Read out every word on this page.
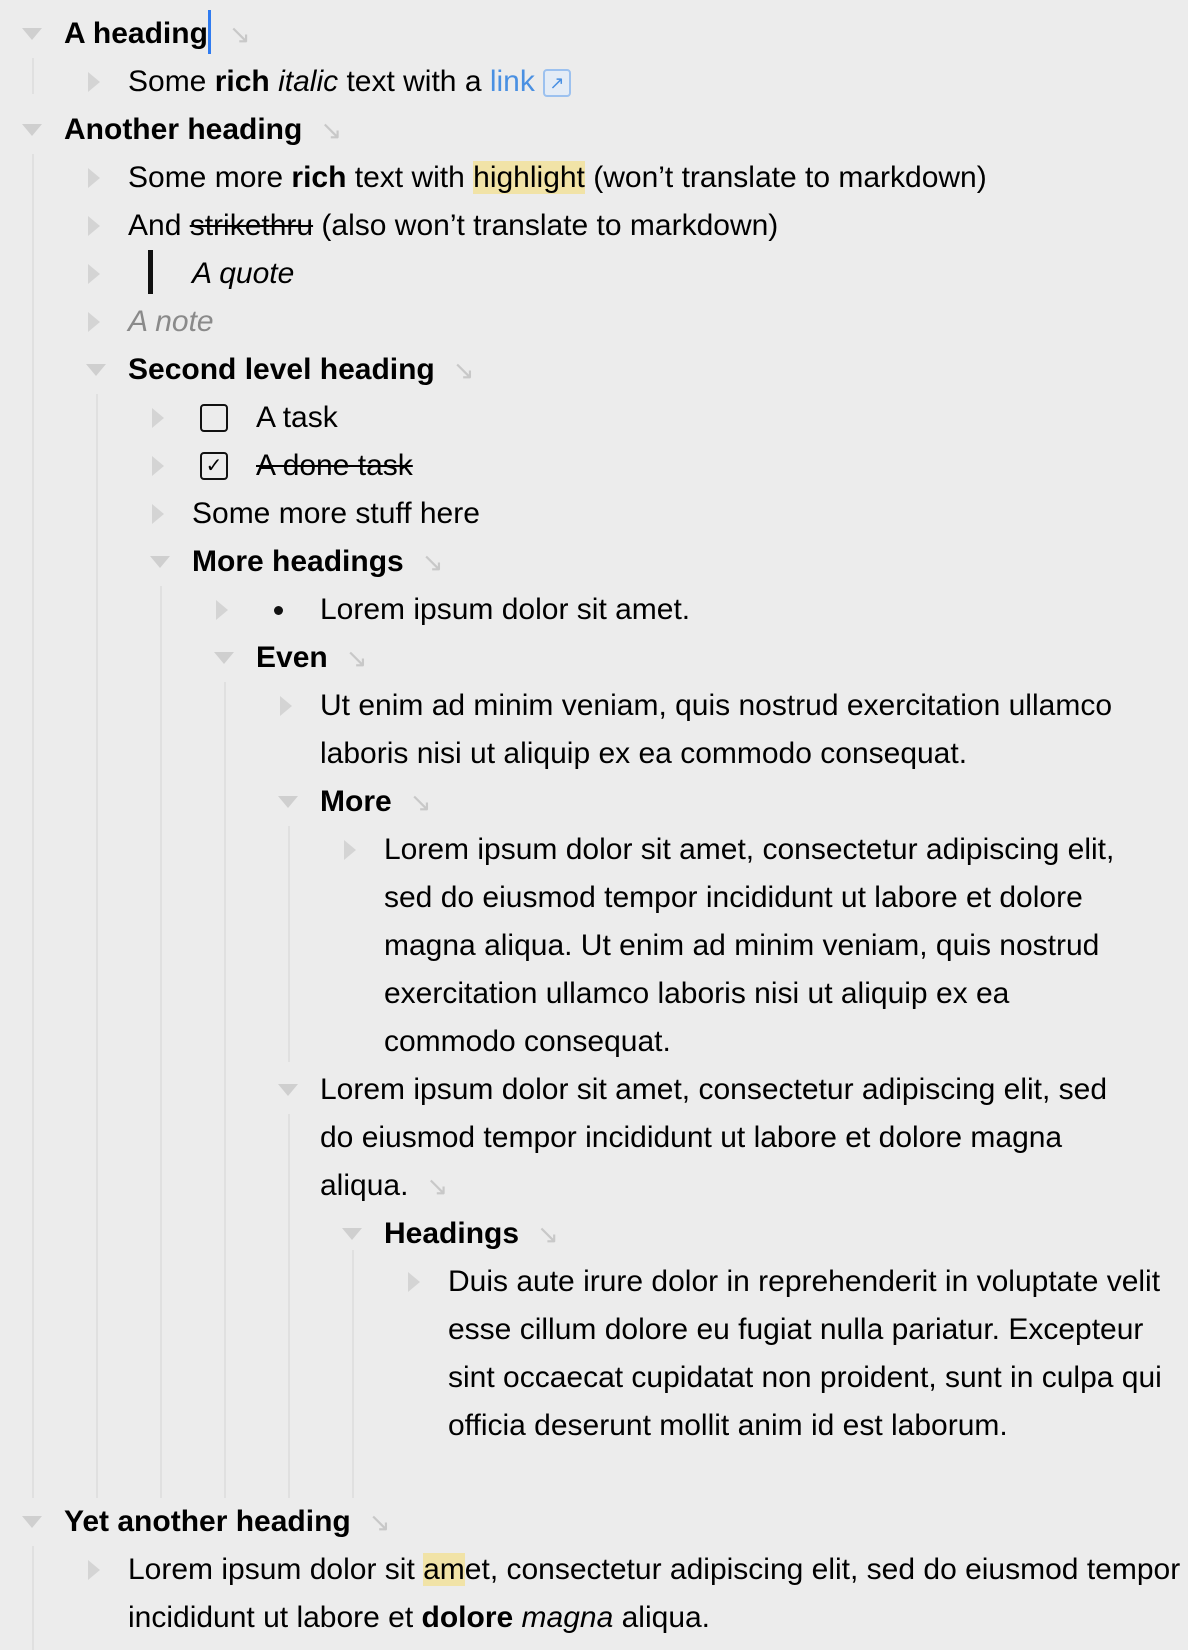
A heading ↘
Some rich italic text with a link ↗
Another heading ↘
Some more rich text with highlight (won’t translate to markdown)
And strikethru (also won’t translate to markdown)
A quote
A note
Second level heading ↘
A task
✓ A done task
Some more stuff here
More headings ↘
Lorem ipsum dolor sit amet.
Even ↘
Ut enim ad minim veniam, quis nostrud exercitation ullamco laboris nisi ut aliquip ex ea commodo consequat.
More ↘
Lorem ipsum dolor sit amet, consectetur adipiscing elit, sed do eiusmod tempor incididunt ut labore et dolore magna aliqua. Ut enim ad minim veniam, quis nostrud exercitation ullamco laboris nisi ut aliquip ex ea commodo consequat.
Lorem ipsum dolor sit amet, consectetur adipiscing elit, sed do eiusmod tempor incididunt ut labore et dolore magna aliqua. ↘
Headings ↘
Duis aute irure dolor in reprehenderit in voluptate velit esse cillum dolore eu fugiat nulla pariatur. Excepteur sint occaecat cupidatat non proident, sunt in culpa qui officia deserunt mollit anim id est laborum.
Yet another heading ↘
Lorem ipsum dolor sit amet, consectetur adipiscing elit, sed do eiusmod tempor incididunt ut labore et dolore magna aliqua.
